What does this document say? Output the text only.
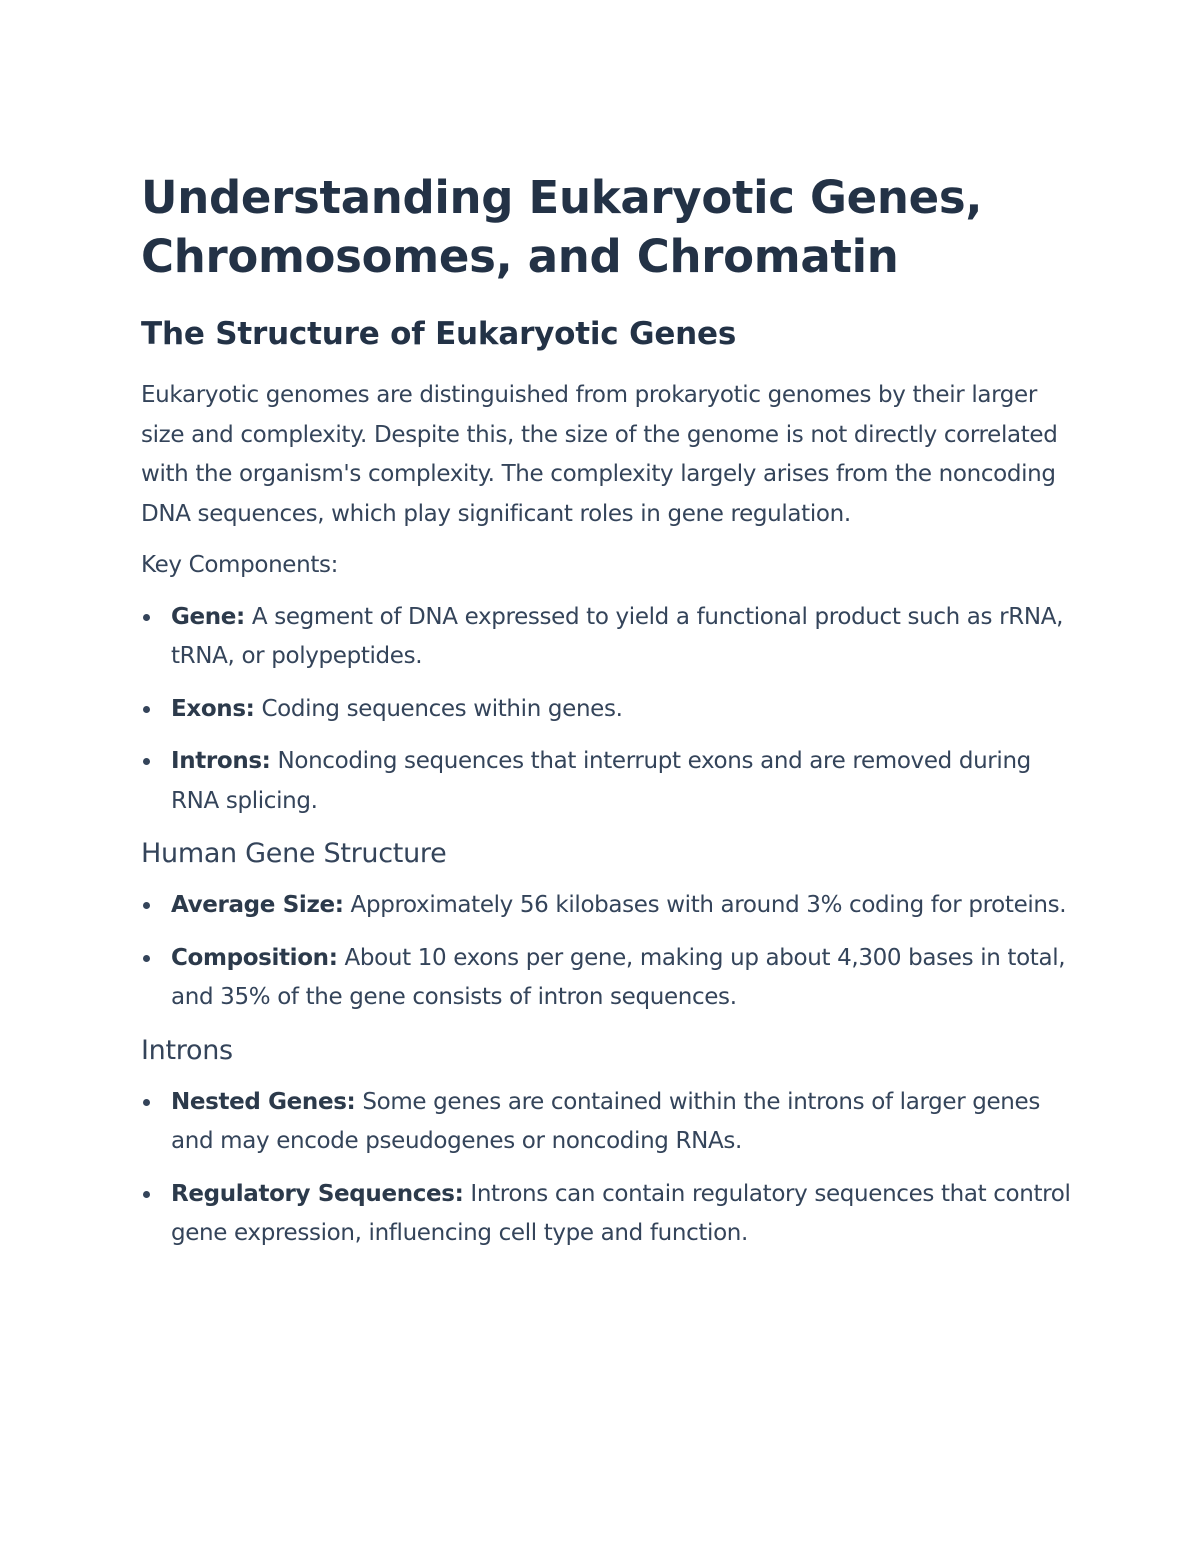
Understanding Eukaryotic Genes,
Chromosomes, and Chromatin
The Structure of Eukaryotic Genes

Eukaryotic genomes are distinguished from prokaryotic genomes by their larger size and complexity. Despite this, the size of the genome is not directly correlated with the organism's complexity. The complexity largely arises from the noncoding DNA sequences, which play significant roles in gene regulation.

Key Components:

Gene: A segment of DNA expressed to yield a functional product such as rRNA, tRNA, or polypeptides.
Exons: Coding sequences within genes.
Introns: Noncoding sequences that interrupt exons and are removed during RNA splicing.
Human Gene Structure
Average Size: Approximately 56 kilobases with around 3% coding for proteins.
Composition: About 10 exons per gene, making up about 4,300 bases in total, and 35% of the gene consists of intron sequences.
Introns
Nested Genes: Some genes are contained within the introns of larger genes and may encode pseudogenes or noncoding RNAs.
Regulatory Sequences: Introns can contain regulatory sequences that control gene expression, influencing cell type and function.
